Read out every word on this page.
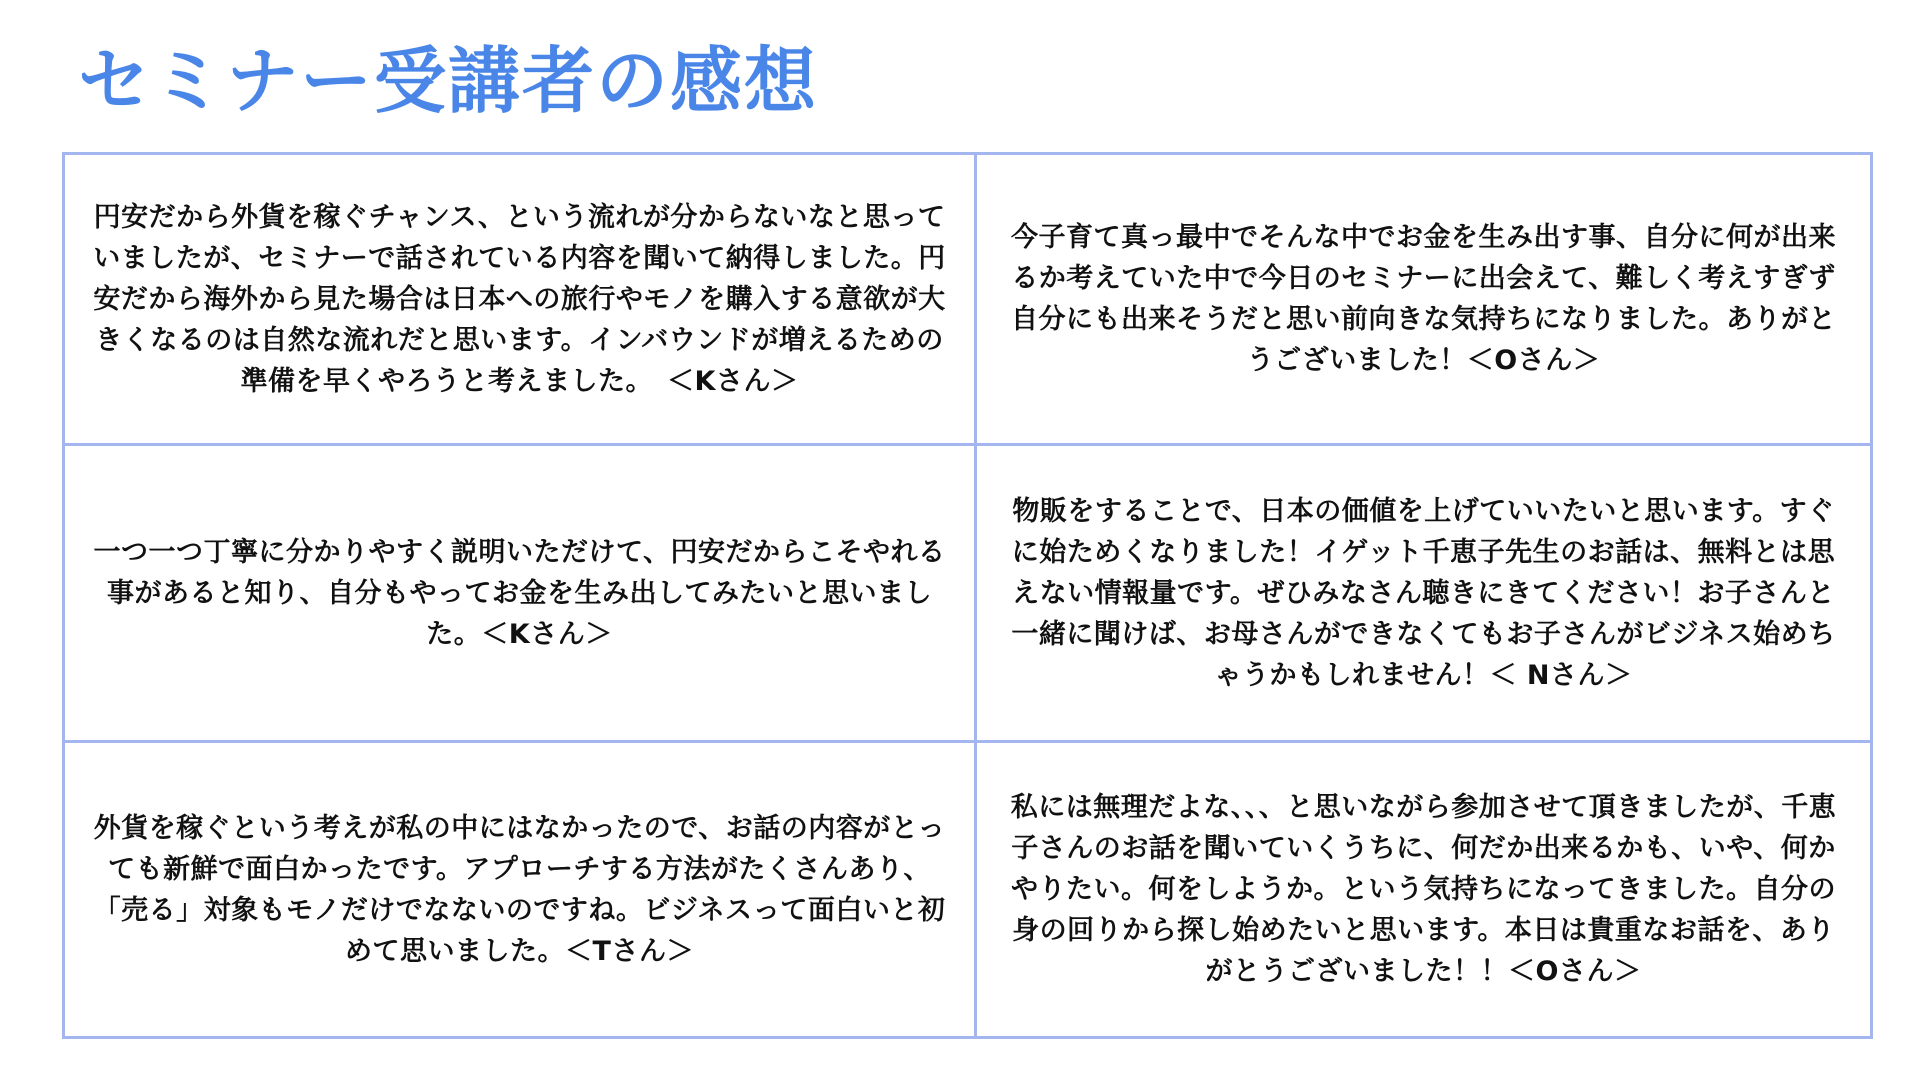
セミナー受講者の感想

円安だから外貨を稼ぐチャンス、という流れが分からないなと思っていましたが、セミナーで話されている内容を聞いて納得しました。円安だから海外から見た場合は日本への旅行やモノを購入する意欲が大きくなるのは自然な流れだと思います。インバウンドが増えるための準備を早くやろうと考えました。　＜Kさん＞

今子育て真っ最中でそんな中でお金を生み出す事、自分に何が出来るか考えていた中で今日のセミナーに出会えて、難しく考えすぎず自分にも出来そうだと思い前向きな気持ちになりました。ありがとうございました！＜Oさん＞

一つ一つ丁寧に分かりやすく説明いただけて、円安だからこそやれる事があると知り、自分もやってお金を生み出してみたいと思いました。＜Kさん＞

物販をすることで、日本の価値を上げていいたいと思います。すぐに始ためくなりました！イゲット千恵子先生のお話は、無料とは思えない情報量です。ぜひみなさん聴きにきてください！お子さんと一緒に聞けば、お母さんができなくてもお子さんがビジネス始めちゃうかもしれません！＜ Nさん＞

外貨を稼ぐという考えが私の中にはなかったので、お話の内容がとっても新鮮で面白かったです。アプローチする方法がたくさんあり、「売る」対象もモノだけでなないのですね。ビジネスって面白いと初めて思いました。＜Tさん＞

私には無理だよな、、、と思いながら参加させて頂きましたが、千恵子さんのお話を聞いていくうちに、何だか出来るかも、いや、何かやりたい。何をしようか。という気持ちになってきました。自分の身の回りから探し始めたいと思います。本日は貴重なお話を、ありがとうございました！！＜Oさん＞
